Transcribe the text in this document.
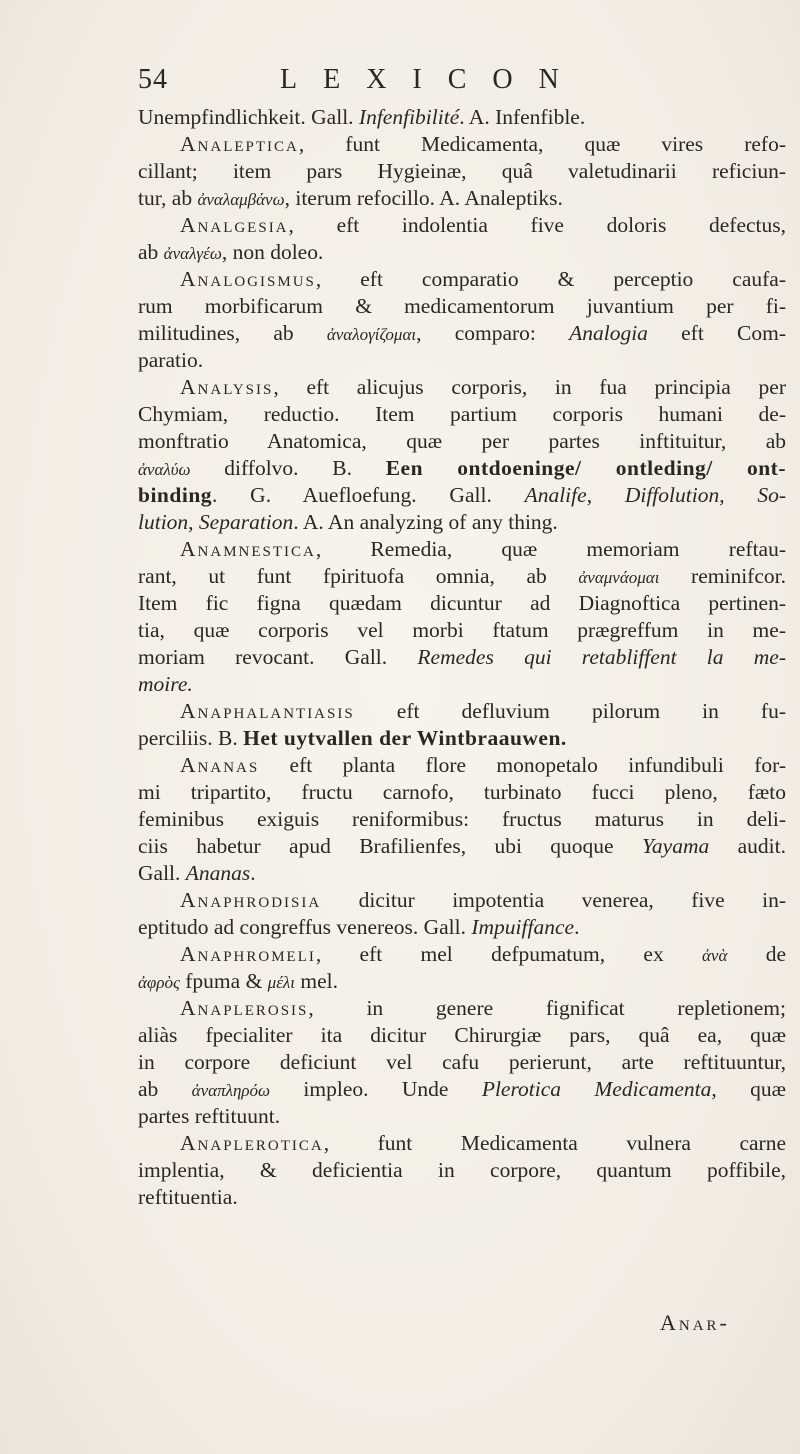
54	LEXICON
Unempfindlichkeit. Gall. Infenfibilité. A. Infenfible.
Analeptica, funt Medicamenta, quæ vires refo-
cillant; item pars Hygieinæ, quâ valetudinarii reficiun-
tur, ab ἀναλαμβάνω, iterum refocillo. A. Analeptiks.
Analgesia, eft indolentia five doloris defectus,
ab ἀναλγέω, non doleo.
Analogismus, eft comparatio & perceptio caufa-
rum morbificarum & medicamentorum juvantium per fi-
militudines, ab ἀναλογίζομαι, comparo: Analogia eft Com-
paratio.
Analysis, eft alicujus corporis, in fua principia per
Chymiam, reductio. Item partium corporis humani de-
monftratio Anatomica, quæ per partes inftituitur, ab
ἀναλύω diffolvo. B. Een ontdoeninge/ ontleding/ ont-
binding. G. Auefloefung. Gall. Analife, Diffolution, So-
lution, Separation. A. An analyzing of any thing.
Anamnestica, Remedia, quæ memoriam reftau-
rant, ut funt fpirituofa omnia, ab ἀναμνάομαι reminifcor.
Item fic figna quædam dicuntur ad Diagnoftica pertinen-
tia, quæ corporis vel morbi ftatum prægreffum in me-
moriam revocant. Gall. Remedes qui retabliffent la me-
moire.
Anaphalantiasis eft defluvium pilorum in fu-
perciliis. B. Het uytvallen der Wintbraauwen.
Ananas eft planta flore monopetalo infundibuli for-
mi tripartito, fructu carnofo, turbinato fucci pleno, fæto
feminibus exiguis reniformibus: fructus maturus in deli-
ciis habetur apud Brafilienfes, ubi quoque Yayama audit.
Gall. Ananas.
Anaphrodisia dicitur impotentia venerea, five in-
eptitudo ad congreffus venereos. Gall. Impuiffance.
Anaphromeli, eft mel defpumatum, ex ἀνὰ de
ἀφρὸς fpuma & μέλι mel.
Anaplerosis, in genere fignificat repletionem;
aliàs fpecialiter ita dicitur Chirurgiæ pars, quâ ea, quæ
in corpore deficiunt vel cafu perierunt, arte reftituuntur,
ab ἀναπληρόω impleo. Unde Plerotica Medicamenta, quæ
partes reftituunt.
Anaplerotica, funt Medicamenta vulnera carne
implentia, & deficientia in corpore, quantum poffibile,
reftituentia.
Anar-
